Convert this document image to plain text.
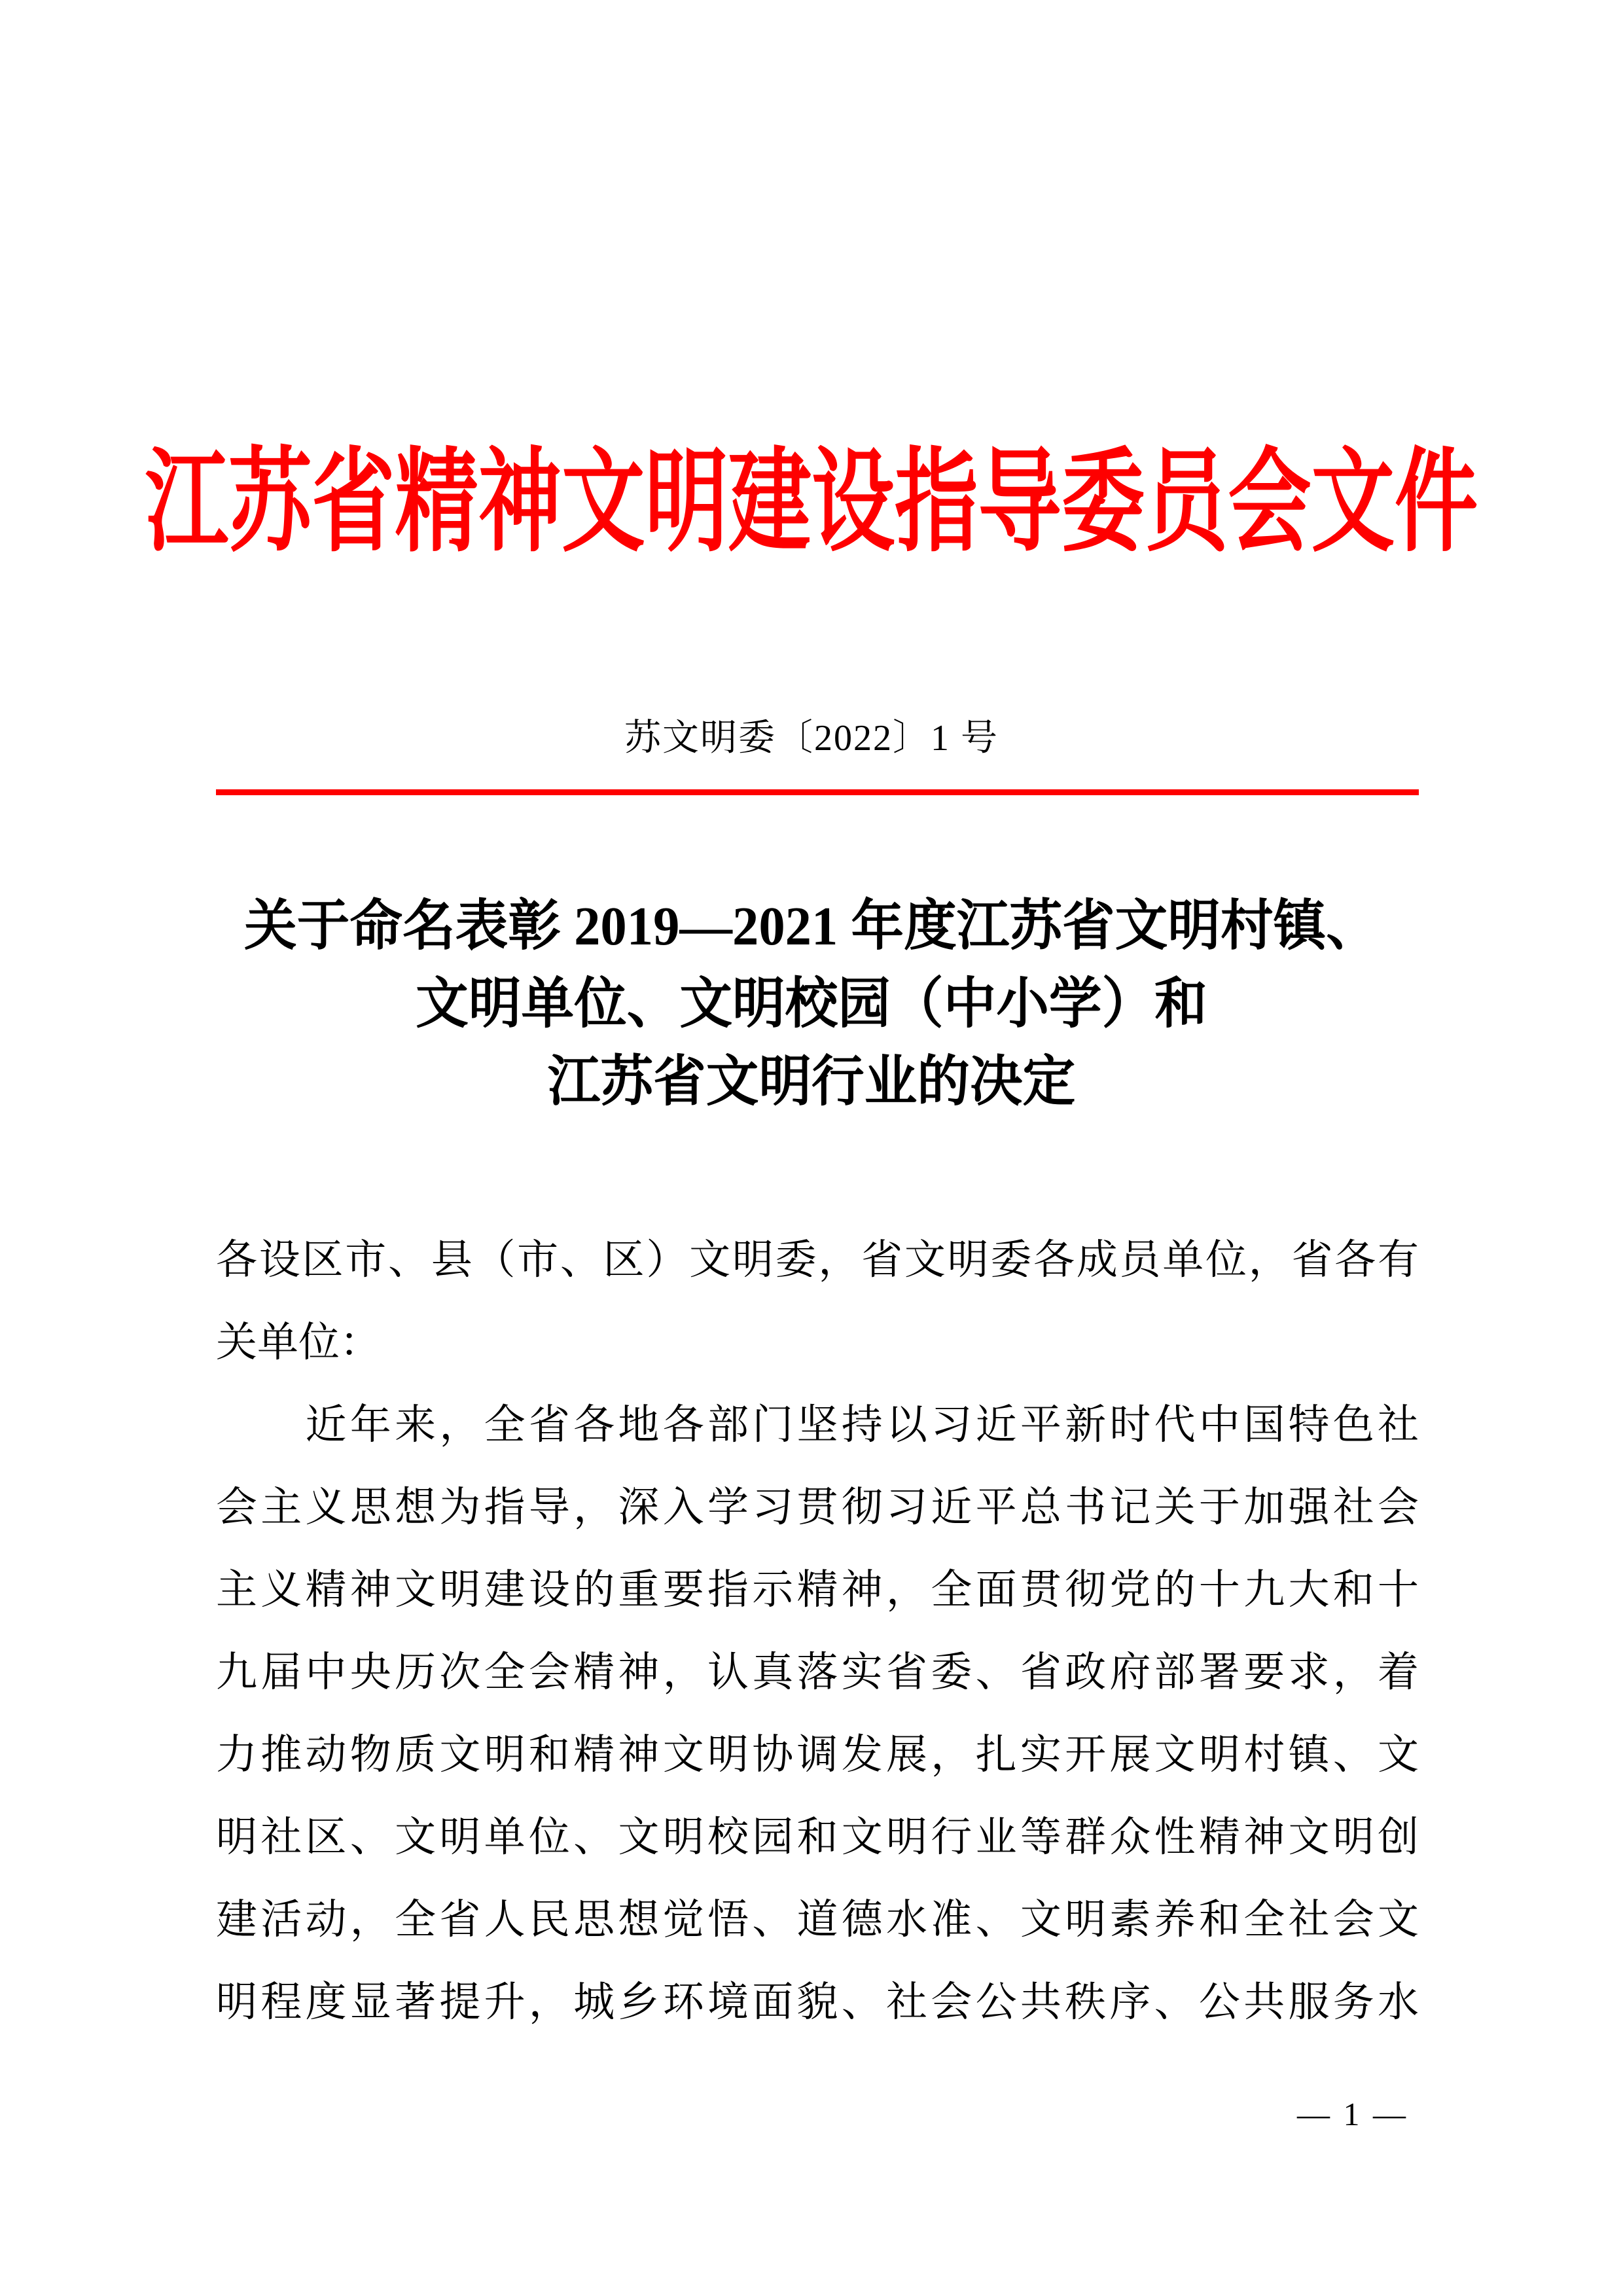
江苏省精神文明建设指导委员会文件
苏文明委〔2022〕1 号
关于命名表彰 2019—2021 年度江苏省文明村镇、
文明单位、文明校园（中小学）和
江苏省文明行业的决定
各设区市、县（市、区）文明委，省文明委各成员单位，省各有
关单位：
　　近年来，全省各地各部门坚持以习近平新时代中国特色社
会主义思想为指导，深入学习贯彻习近平总书记关于加强社会
主义精神文明建设的重要指示精神，全面贯彻党的十九大和十
九届中央历次全会精神，认真落实省委、省政府部署要求，着
力推动物质文明和精神文明协调发展，扎实开展文明村镇、文
明社区、文明单位、文明校园和文明行业等群众性精神文明创
建活动，全省人民思想觉悟、道德水准、文明素养和全社会文
明程度显著提升，城乡环境面貌、社会公共秩序、公共服务水
— 1 —
